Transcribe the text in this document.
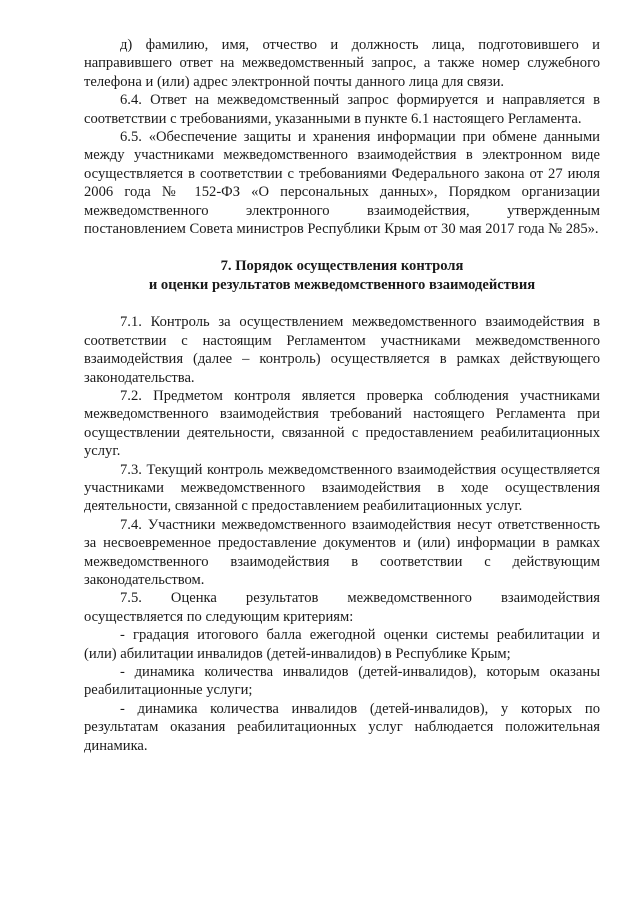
д) фамилию, имя, отчество и должность лица, подготовившего и направившего ответ на межведомственный запрос, а также номер служебного телефона и (или) адрес электронной почты данного лица для связи.

6.4. Ответ на межведомственный запрос формируется и направляется в соответствии с требованиями, указанными в пункте 6.1 настоящего Регламента.

6.5. «Обеспечение защиты и хранения информации при обмене данными между участниками межведомственного взаимодействия в электронном виде осуществляется в соответствии с требованиями Федерального закона от 27 июля 2006 года № 152-ФЗ «О персональных данных», Порядком организации межведомственного электронного взаимодействия, утвержденным постановлением Совета министров Республики Крым от 30 мая 2017 года № 285».

7. Порядок осуществления контроля
и оценки результатов межведомственного взаимодействия

7.1. Контроль за осуществлением межведомственного взаимодействия в соответствии с настоящим Регламентом участниками межведомственного взаимодействия (далее – контроль) осуществляется в рамках действующего законодательства.

7.2. Предметом контроля является проверка соблюдения участниками межведомственного взаимодействия требований настоящего Регламента при осуществлении деятельности, связанной с предоставлением реабилитационных услуг.

7.3. Текущий контроль межведомственного взаимодействия осуществляется участниками межведомственного взаимодействия в ходе осуществления деятельности, связанной с предоставлением реабилитационных услуг.

7.4. Участники межведомственного взаимодействия несут ответственность за несвоевременное предоставление документов и (или) информации в рамках межведомственного взаимодействия в соответствии с действующим законодательством.

7.5. Оценка результатов межведомственного взаимодействия осуществляется по следующим критериям:

- градация итогового балла ежегодной оценки системы реабилитации и (или) абилитации инвалидов (детей-инвалидов) в Республике Крым;

- динамика количества инвалидов (детей-инвалидов), которым оказаны реабилитационные услуги;

- динамика количества инвалидов (детей-инвалидов), у которых по результатам оказания реабилитационных услуг наблюдается положительная динамика.
